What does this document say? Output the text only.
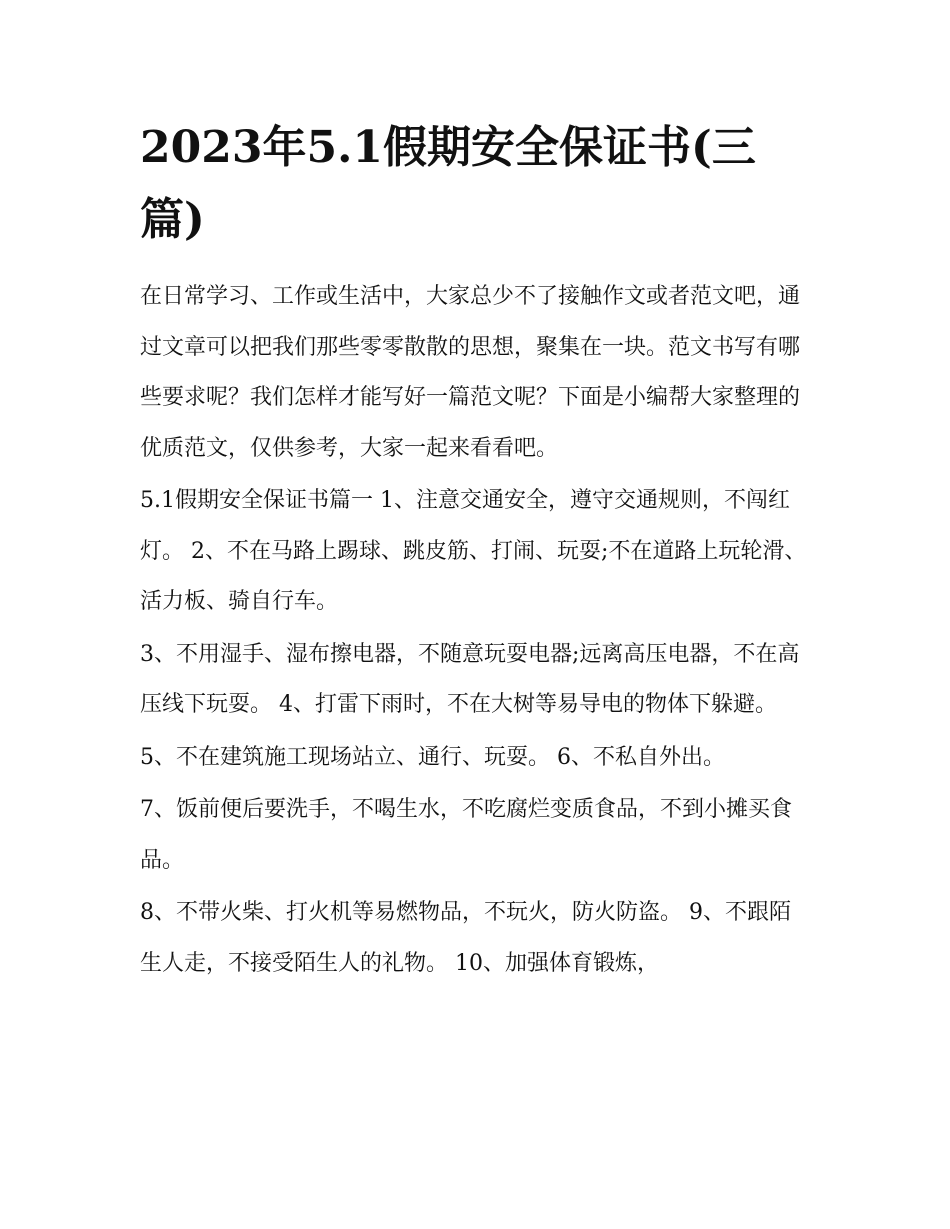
2023年5.1假期安全保证书(三篇)

在日常学习、工作或生活中，大家总少不了接触作文或者范文吧，通过文章可以把我们那些零零散散的思想，聚集在一块。范文书写有哪些要求呢？我们怎样才能写好一篇范文呢？下面是小编帮大家整理的优质范文，仅供参考，大家一起来看看吧。

5.1假期安全保证书篇一 1、注意交通安全，遵守交通规则，不闯红灯。 2、不在马路上踢球、跳皮筋、打闹、玩耍;不在道路上玩轮滑、活力板、骑自行车。

3、不用湿手、湿布擦电器，不随意玩耍电器;远离高压电器，不在高压线下玩耍。 4、打雷下雨时，不在大树等易导电的物体下躲避。

5、不在建筑施工现场站立、通行、玩耍。 6、不私自外出。

7、饭前便后要洗手，不喝生水，不吃腐烂变质食品，不到小摊买食品。

8、不带火柴、打火机等易燃物品，不玩火，防火防盗。 9、不跟陌生人走，不接受陌生人的礼物。 10、加强体育锻炼，
